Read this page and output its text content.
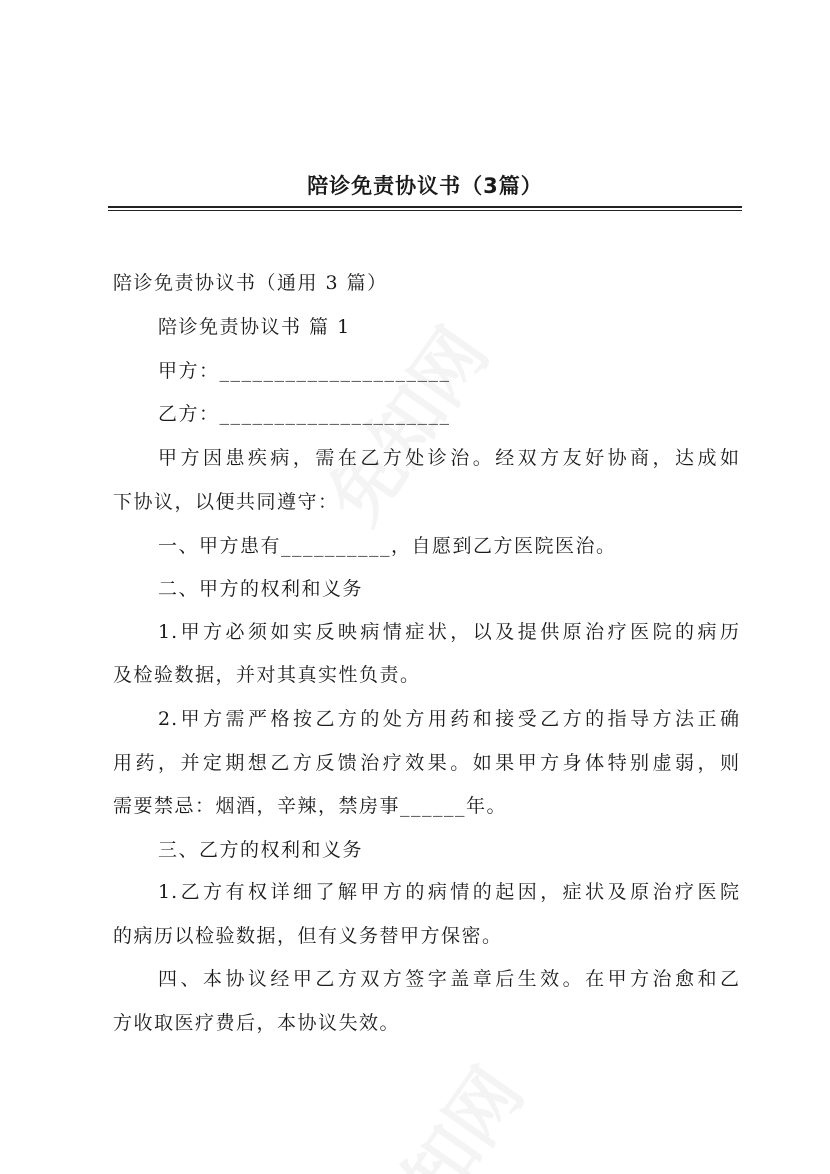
陪诊免责协议书（3篇）
陪诊免责协议书（通用 3 篇）
陪诊免责协议书 篇 1
甲方：_____________________
乙方：_____________________
甲方因患疾病，需在乙方处诊治。经双方友好协商，达成如
下协议，以便共同遵守：
一、甲方患有__________，自愿到乙方医院医治。
二、甲方的权利和义务
1.甲方必须如实反映病情症状，以及提供原治疗医院的病历
及检验数据，并对其真实性负责。
2.甲方需严格按乙方的处方用药和接受乙方的指导方法正确
用药，并定期想乙方反馈治疗效果。如果甲方身体特别虚弱，则
需要禁忌：烟酒，辛辣，禁房事______年。
三、乙方的权利和义务
1.乙方有权详细了解甲方的病情的起因，症状及原治疗医院
的病历以检验数据，但有义务替甲方保密。
四、本协议经甲乙方双方签字盖章后生效。在甲方治愈和乙
方收取医疗费后，本协议失效。
